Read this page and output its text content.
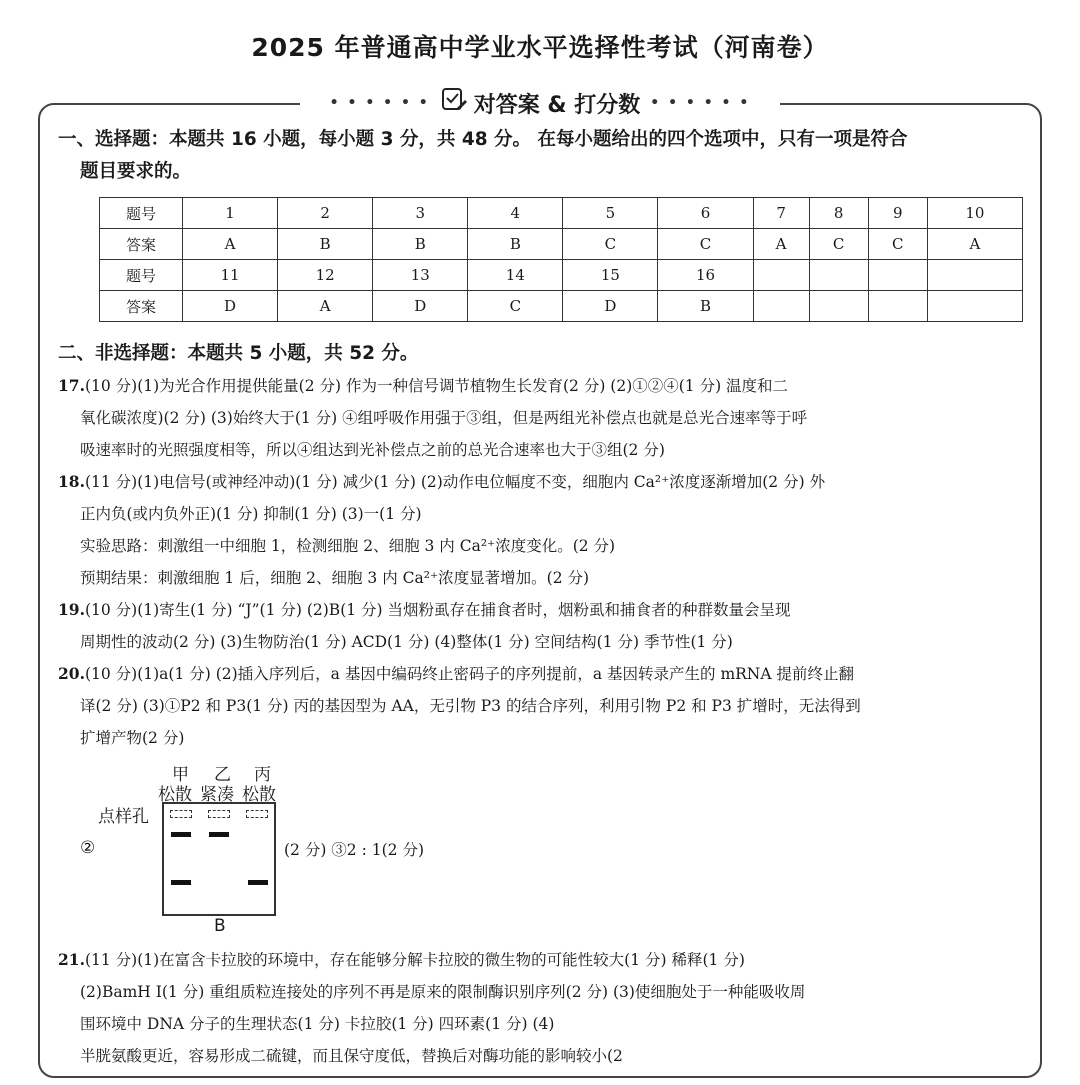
2025 年普通高中学业水平选择性考试（河南卷）
• • • • • • 对答案 & 打分数 • • • • • •
一、选择题：本题共 16 小题，每小题 3 分，共 48 分。 在每小题给出的四个选项中，只有一项是符合
题目要求的。
题号	1	2	3	4	5	6	7	8	9	10
答案	A	B	B	B	C	C	A	C	C	A
题号	11	12	13	14	15	16				
答案	D	A	D	C	D	B				
二、非选择题：本题共 5 小题，共 52 分。
17.(10 分)(1)为光合作用提供能量(2 分) 作为一种信号调节植物生长发育(2 分) (2)①②④(1 分) 温度和二
氧化碳浓度)(2 分) (3)始终大于(1 分) ④组呼吸作用强于③组，但是两组光补偿点也就是总光合速率等于呼
吸速率时的光照强度相等，所以④组达到光补偿点之前的总光合速率也大于③组(2 分)
18.(11 分)(1)电信号(或神经冲动)(1 分) 减少(1 分) (2)动作电位幅度不变，细胞内 Ca²⁺浓度逐渐增加(2 分) 外
正内负(或内负外正)(1 分) 抑制(1 分) (3)一(1 分)
实验思路：刺激组一中细胞 1，检测细胞 2、细胞 3 内 Ca²⁺浓度变化。(2 分)
预期结果：刺激细胞 1 后，细胞 2、细胞 3 内 Ca²⁺浓度显著增加。(2 分)
19.(10 分)(1)寄生(1 分) “J”(1 分) (2)B(1 分) 当烟粉虱存在捕食者时，烟粉虱和捕食者的种群数量会呈现
周期性的波动(2 分) (3)生物防治(1 分) ACD(1 分) (4)整体(1 分) 空间结构(1 分) 季节性(1 分)
20.(10 分)(1)a(1 分) (2)插入序列后，a 基因中编码终止密码子的序列提前，a 基因转录产生的 mRNA 提前终止翻
译(2 分) (3)①P2 和 P3(1 分) 丙的基因型为 AA，无引物 P3 的结合序列，利用引物 P2 和 P3 扩增时，无法得到
扩增产物(2 分)
甲 乙 丙
松散 紧凑 松散
点样孔
②
B
(2 分) ③2 : 1(2 分)
21.(11 分)(1)在富含卡拉胶的环境中，存在能够分解卡拉胶的微生物的可能性较大(1 分) 稀释(1 分)
(2)BamH Ⅰ(1 分) 重组质粒连接处的序列不再是原来的限制酶识别序列(2 分) (3)使细胞处于一种能吸收周
围环境中 DNA 分子的生理状态(1 分) 卡拉胶(1 分) 四环素(1 分) (4)
半胱氨酸更近，容易形成二硫键，而且保守度低，替换后对酶功能的影响较小(2
